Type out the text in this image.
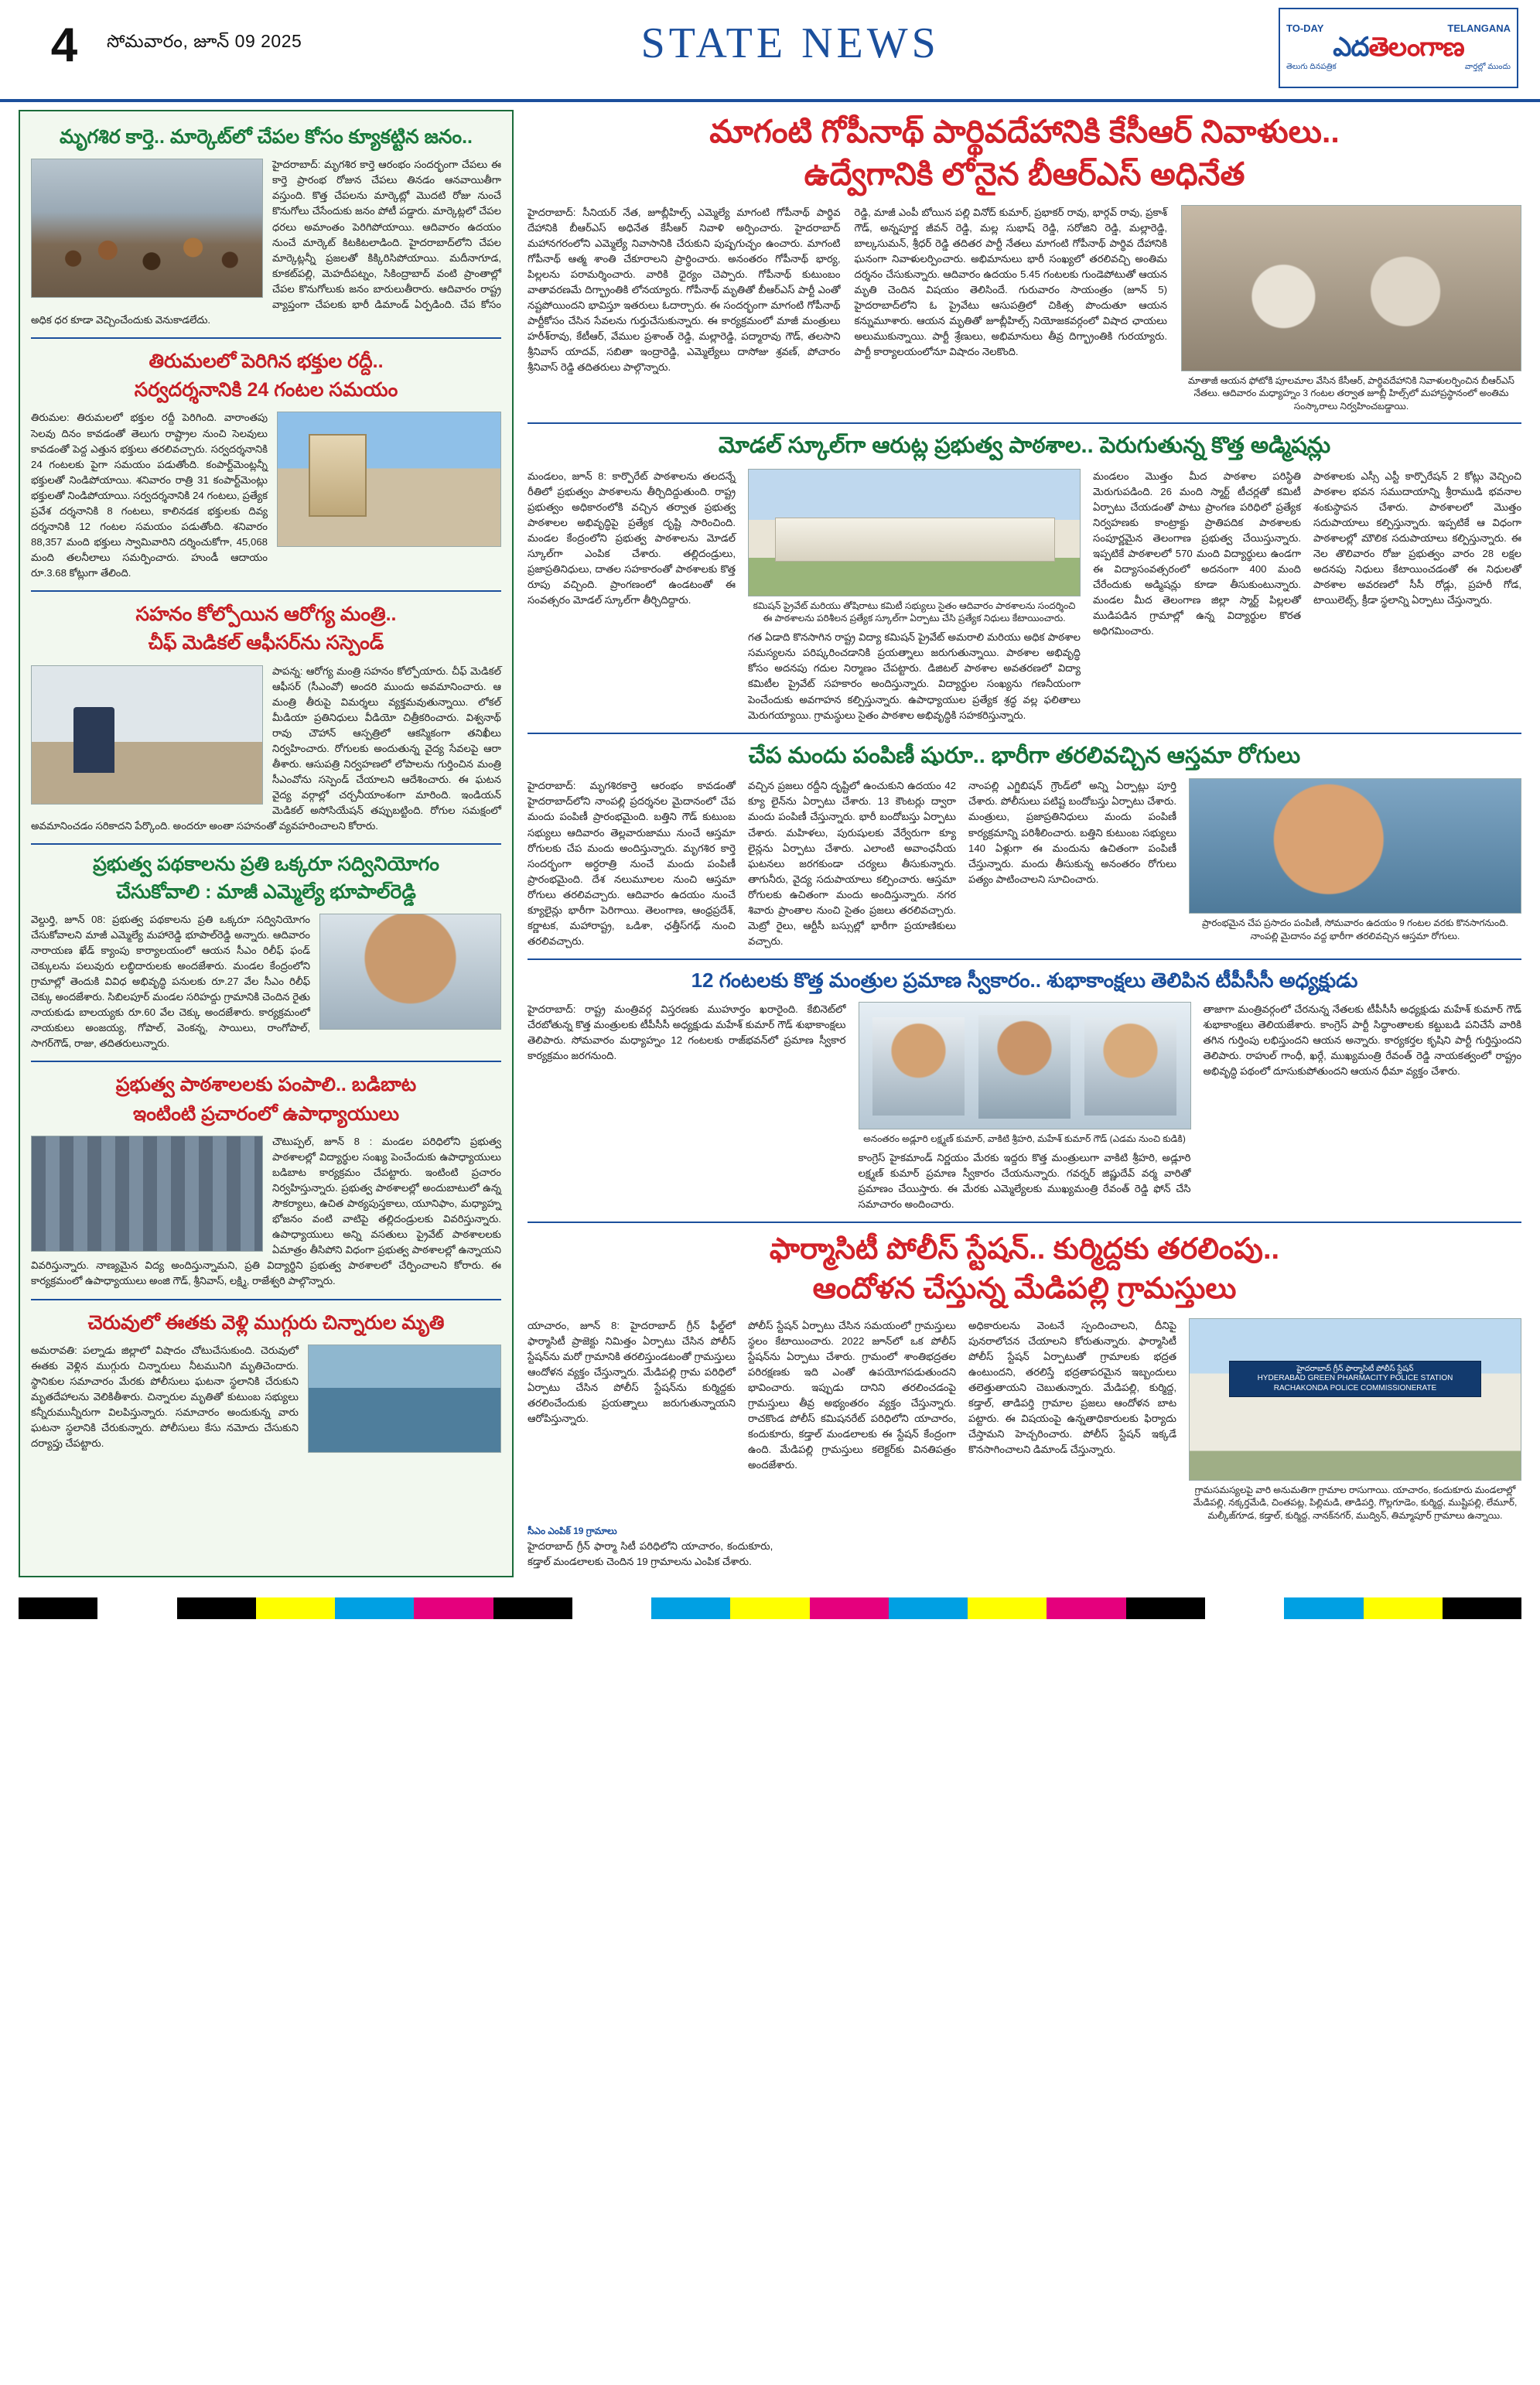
4	సోమవారం, జూన్ 09 2025	STATE NEWS	TO-DAY	TELANGANA
ఎదతెలంగాణ
తెలుగు దినపత్రిక	వార్తల్లో ముందు
మృగశిర కార్తె.. మార్కెట్‌లో చేపల కోసం క్యూకట్టిన జనం..
హైదరాబాద్: మృగశిర కార్తె ఆరంభం సందర్భంగా చేపలు ఈ కార్తె ప్రారంభ రోజున చేపలు తినడం ఆనవాయితీగా వస్తుంది. కొత్త చేపలను మార్కెట్లో మొదటి రోజు నుంచే కొనుగోలు చేసేందుకు జనం పోటీ పడ్డారు. మార్కెట్లలో చేపల ధరలు అమాంతం పెరిగిపోయాయి. ఆదివారం ఉదయం నుంచే మార్కెట్ కిటకిటలాడింది. హైదరాబాద్‌లోని చేపల మార్కెట్లన్నీ ప్రజలతో కిక్కిరిసిపోయాయి. మదీనాగూడ, కూకట్‌పల్లి, మెహదీపట్నం, సికింద్రాబాద్ వంటి ప్రాంతాల్లో చేపల కొనుగోలుకు జనం బారులుతీరారు. ఆదివారం రాష్ట్ర వ్యాప్తంగా చేపలకు భారీ డిమాండ్ ఏర్పడింది. చేప కోసం అధిక ధర కూడా వెచ్చించేందుకు వెనుకాడలేదు.
తిరుమలలో పెరిగిన భక్తుల రద్దీ..
సర్వదర్శనానికి 24 గంటల సమయం
తిరుమల: తిరుమలలో భక్తుల రద్దీ పెరిగింది. వారాంతపు సెలవు దినం కావడంతో తెలుగు రాష్ట్రాల నుంచి సెలవులు కావడంతో పెద్ద ఎత్తున భక్తులు తరలివచ్చారు. సర్వదర్శనానికి 24 గంటలకు పైగా సమయం పడుతోంది. కంపార్ట్‌మెంట్లన్నీ భక్తులతో నిండిపోయాయి. శనివారం రాత్రి 31 కంపార్ట్‌మెంట్లు భక్తులతో నిండిపోయాయి. సర్వదర్శనానికి 24 గంటలు, ప్రత్యేక ప్రవేశ దర్శనానికి 8 గంటలు, కాలినడక భక్తులకు దివ్య దర్శనానికి 12 గంటల సమయం పడుతోంది. శనివారం 88,357 మంది భక్తులు స్వామివారిని దర్శించుకోగా, 45,068 మంది తలనీలాలు సమర్పించారు. హుండీ ఆదాయం రూ.3.68 కోట్లుగా తేలింది.
సహనం కోల్పోయిన ఆరోగ్య మంత్రి..
చీఫ్ మెడికల్ ఆఫీసర్‌ను సస్పెండ్
పాపన్న: ఆరోగ్య మంత్రి సహనం కోల్పోయారు. చీఫ్ మెడికల్ ఆఫీసర్ (సీఎంవో) అందరి ముందు అవమానించారు. ఆ మంత్రి తీరుపై విమర్శలు వ్యక్తమవుతున్నాయి. లోకల్ మీడియా ప్రతినిధులు వీడియో చిత్రీకరించారు. విశ్వనాథ్ రావు చౌహాన్ ఆస్పత్రిలో ఆకస్మికంగా తనిఖీలు నిర్వహించారు. రోగులకు అందుతున్న వైద్య సేవలపై ఆరా తీశారు. ఆసుపత్రి నిర్వహణలో లోపాలను గుర్తించిన మంత్రి సీఎంవోను సస్పెండ్ చేయాలని ఆదేశించారు. ఈ ఘటన వైద్య వర్గాల్లో చర్చనీయాంశంగా మారింది. ఇండియన్ మెడికల్ అసోసియేషన్ తప్పుబట్టింది. రోగుల సమక్షంలో అవమానించడం సరికాదని పేర్కొంది. అందరూ అంతా సహనంతో వ్యవహరించాలని కోరారు.
ప్రభుత్వ పథకాలను ప్రతి ఒక్కరూ సద్వినియోగం
చేసుకోవాలి : మాజీ ఎమ్మెల్యే భూపాల్‌రెడ్డి
వెల్దుర్తి, జూన్ 08: ప్రభుత్వ పథకాలను ప్రతి ఒక్కరూ సద్వినియోగం చేసుకోవాలని మాజీ ఎమ్మెల్యే మహారెడ్డి భూపాల్‌రెడ్డి అన్నారు. ఆదివారం నారాయణ ఖేడ్ క్యాంపు కార్యాలయంలో ఆయన సీఎం రిలీఫ్ ఫండ్ చెక్కులను పలువురు లబ్ధిదారులకు అందజేశారు. మండల కేంద్రంలోని గ్రామాల్లో తెందుకి వివిధ అభివృద్ధి పనులకు రూ.27 వేల సీఎం రిలీఫ్ చెక్కు అందజేశారు. సిబిలపూర్ మండల సరిహద్దు గ్రామానికి చెందిన రైతు నాయకుడు బాలయ్యకు రూ.60 వేల చెక్కు అందజేశారు. కార్యక్రమంలో నాయకులు అంజయ్య, గోపాల్, వెంకన్న, సాయిలు, రాంగోపాల్, సాగర్‌గౌడ్, రాజు, తదితరులున్నారు.
ప్రభుత్వ పాఠశాలలకు పంపాలి.. బడిబాట
ఇంటింటి ప్రచారంలో ఉపాధ్యాయులు
చౌటుప్పల్, జూన్ 8 : మండల పరిధిలోని ప్రభుత్వ పాఠశాలల్లో విద్యార్థుల సంఖ్య పెంచేందుకు ఉపాధ్యాయులు బడిబాట కార్యక్రమం చేపట్టారు. ఇంటింటి ప్రచారం నిర్వహిస్తున్నారు. ప్రభుత్వ పాఠశాలల్లో అందుబాటులో ఉన్న సౌకర్యాలు, ఉచిత పాఠ్యపుస్తకాలు, యూనిఫాం, మధ్యాహ్న భోజనం వంటి వాటిపై తల్లిదండ్రులకు వివరిస్తున్నారు. ఉపాధ్యాయులు అన్ని వసతులు ప్రైవేట్ పాఠశాలలకు ఏమాత్రం తీసిపోని విధంగా ప్రభుత్వ పాఠశాలల్లో ఉన్నాయని వివరిస్తున్నారు. నాణ్యమైన విద్య అందిస్తున్నామని, ప్రతి విద్యార్థిని ప్రభుత్వ పాఠశాలలో చేర్పించాలని కోరారు. ఈ కార్యక్రమంలో ఉపాధ్యాయులు అంజి గౌడ్, శ్రీనివాస్, లక్ష్మి, రాజేశ్వరి పాల్గొన్నారు.
చెరువులో ఈతకు వెళ్లి ముగ్గురు చిన్నారుల మృతి
అమరావతి: పల్నాడు జిల్లాలో విషాదం చోటుచేసుకుంది. చెరువులో ఈతకు వెళ్లిన ముగ్గురు చిన్నారులు నీటమునిగి మృతిచెందారు. స్థానికుల సమాచారం మేరకు పోలీసులు ఘటనా స్థలానికి చేరుకుని మృతదేహాలను వెలికితీశారు. చిన్నారుల మృతితో కుటుంబ సభ్యులు కన్నీరుమున్నీరుగా విలపిస్తున్నారు. సమాచారం అందుకున్న వారు ఘటనా స్థలానికి చేరుకున్నారు. పోలీసులు కేసు నమోదు చేసుకుని దర్యాప్తు చేపట్టారు.
మాగంటి గోపీనాథ్ పార్థివదేహానికి కేసీఆర్ నివాళులు..
ఉద్వేగానికి లోనైన బీఆర్ఎస్ అధినేత
హైదరాబాద్: సీనియర్ నేత, జూబ్లీహిల్స్ ఎమ్మెల్యే మాగంటి గోపీనాథ్ పార్థివ దేహానికి బీఆర్ఎస్ అధినేత కేసీఆర్ నివాళి అర్పించారు. హైదరాబాద్ మహానగరంలోని ఎమ్మెల్యే నివాసానికి చేరుకుని పుష్పగుచ్ఛం ఉంచారు. మాగంటి గోపీనాథ్ ఆత్మ శాంతి చేకూరాలని ప్రార్థించారు. అనంతరం గోపీనాథ్ భార్య, పిల్లలను పరామర్శించారు. వారికి ధైర్యం చెప్పారు. గోపీనాథ్ కుటుంబం వాతావరణమే దిగ్భ్రాంతికి లోనయ్యారు. గోపీనాథ్ మృతితో బీఆర్ఎస్ పార్టీ ఎంతో నష్టపోయిందని భావిస్తూ ఇతరులు ఓదార్చారు. ఈ సందర్భంగా మాగంటి గోపీనాథ్ పార్టీకోసం చేసిన సేవలను గుర్తుచేసుకున్నారు. ఈ కార్యక్రమంలో మాజీ మంత్రులు హరీశ్‌రావు, కేటీఆర్, వేముల ప్రశాంత్ రెడ్డి, మల్లారెడ్డి, పద్మారావు గౌడ్, తలసాని శ్రీనివాస్ యాదవ్, సబితా ఇంద్రారెడ్డి, ఎమ్మెల్యేలు దాసోజు శ్రవణ్, పోచారం శ్రీనివాస్ రెడ్డి తదితరులు పాల్గొన్నారు.
రెడ్డి, మాజీ ఎంపీ బోయిన పల్లి వినోద్ కుమార్, ప్రభాకర్ రావు, భార్గవ్ రావు, ప్రకాశ్ గౌడ్, అన్నపూర్ణ జీవన్ రెడ్డి, మల్ల సుభాష్ రెడ్డి, సరోజిని రెడ్డి, మల్లారెడ్డి, బాల్కసుమన్, శ్రీధర్ రెడ్డి తదితర పార్టీ నేతలు మాగంటి గోపీనాథ్ పార్థివ దేహానికి ఘనంగా నివాళులర్పించారు. అభిమానులు భారీ సంఖ్యలో తరలివచ్చి అంతిమ దర్శనం చేసుకున్నారు. ఆదివారం ఉదయం 5.45 గంటలకు గుండెపోటుతో ఆయన మృతి చెందిన విషయం తెలిసిందే. గురువారం సాయంత్రం (జూన్ 5) హైదరాబాద్‌లోని ఓ ప్రైవేటు ఆసుపత్రిలో చికిత్స పొందుతూ ఆయన కన్నుమూశారు. ఆయన మృతితో జూబ్లీహిల్స్ నియోజకవర్గంలో విషాద ఛాయలు అలుముకున్నాయి. పార్టీ శ్రేణులు, అభిమానులు తీవ్ర దిగ్భ్రాంతికి గురయ్యారు. పార్టీ కార్యాలయంలోనూ విషాదం నెలకొంది.
మాతాజీ ఆయన ఫోటోకి పూలమాల వేసిన కేసీఆర్, పార్థివదేహానికి నివాళులర్పించిన బీఆర్ఎస్ నేతలు. ఆదివారం మధ్యాహ్నం 3 గంటల తర్వాత జూబ్లీ హిల్స్‌లో మహాప్రస్థానంలో అంతిమ సంస్కారాలు నిర్వహించబడ్డాయి.
మోడల్ స్కూల్‌గా ఆరుట్ల ప్రభుత్వ పాఠశాల.. పెరుగుతున్న కొత్త అడ్మిషన్లు
మండలం, జూన్ 8: కార్పొరేట్ పాఠశాలను తలదన్నే రీతిలో ప్రభుత్వం పాఠశాలను తీర్చిదిద్దుతుంది. రాష్ట్ర ప్రభుత్వం అధికారంలోకి వచ్చిన తర్వాత ప్రభుత్వ పాఠశాలల అభివృద్ధిపై ప్రత్యేక దృష్టి సారించింది. మండల కేంద్రంలోని ప్రభుత్వ పాఠశాలను మోడల్ స్కూల్‌గా ఎంపిక చేశారు. తల్లిదండ్రులు, ప్రజాప్రతినిధులు, దాతల సహకారంతో పాఠశాలకు కొత్త రూపు వచ్చింది. ప్రాంగణంలో ఉండటంతో ఈ సంవత్సరం మోడల్ స్కూల్‌గా తీర్చిదిద్దారు.	కమిషన్ ప్రైవేట్ మరియు తోషిరాటు కమిటీ సభ్యులు సైతం ఆదివారం పాఠశాలను సందర్శించి ఈ పాఠశాలను పరిశీలన ప్రత్యేక స్కూల్‌గా ఏర్పాటు చేసి ప్రత్యేక నిధులు కేటాయించారు.
గత ఏడాది కొనసాగిన రాష్ట్ర విద్యా కమిషన్ ప్రైవేట్ అమరాలి మరియు అధిక పాఠశాల సమస్యలను పరిష్కరించడానికి ప్రయత్నాలు జరుగుతున్నాయి. పాఠశాల అభివృద్ధి కోసం అదనపు గదుల నిర్మాణం చేపట్టారు. డిజిటల్ పాఠశాల అవతరణలో విద్యా కమిటీల ప్రైవేట్ సహకారం అందిస్తున్నారు. విద్యార్థుల సంఖ్యను గణనీయంగా పెంచేందుకు అవగాహన కల్పిస్తున్నారు. ఉపాధ్యాయుల ప్రత్యేక శ్రద్ధ వల్ల ఫలితాలు మెరుగయ్యాయి. గ్రామస్థులు సైతం పాఠశాల అభివృద్ధికి సహకరిస్తున్నారు.
మండలం మొత్తం మీద పాఠశాల పరిస్థితి మెరుగుపడింది. 26 మంది స్మార్ట్ టీచర్లతో కమిటీ ఏర్పాటు చేయడంతో పాటు ప్రాంగణ పరిధిలో ప్రత్యేక నిర్వహణకు కాంట్రాక్టు ప్రాతిపదిక పాఠశాలకు సంపూర్ణమైన తెలంగాణ ప్రభుత్వ చేయిస్తున్నారు. ఇప్పటికే పాఠశాలలో 570 మంది విద్యార్థులు ఉండగా ఈ విద్యాసంవత్సరంలో అదనంగా 400 మంది చేరేందుకు అడ్మిషన్లు కూడా తీసుకుంటున్నారు. మండల మీద తెలంగాణ జిల్లా స్మార్ట్ పిల్లలతో ముడిపడిన గ్రామాల్లో ఉన్న విద్యార్థుల కొరత అధిగమించారు.
పాఠశాలకు ఎస్సీ ఎస్టీ కార్పొరేషన్ 2 కోట్లు వెచ్చించి పాఠశాల భవన సముదాయాన్ని శ్రీరాముడి భవనాల శంకుస్థాపన చేశారు. పాఠశాలలో మొత్తం సదుపాయాలు కల్పిస్తున్నారు. ఇప్పటికే ఆ విధంగా పాఠశాలల్లో మౌలిక సదుపాయాలు కల్పిస్తున్నారు. ఈ నెల తొలివారం రోజు ప్రభుత్వం వారం 28 లక్షల అదనపు నిధులు కేటాయించడంతో ఈ నిధులతో పాఠశాల అవరణలో సీసీ రోడ్లు, ప్రహరీ గోడ, టాయిలెట్స్, క్రీడా స్థలాన్ని ఏర్పాటు చేస్తున్నారు.
చేప మందు పంపిణీ షురూ.. భారీగా తరలివచ్చిన ఆస్తమా రోగులు
హైదరాబాద్: మృగశిరకార్తె ఆరంభం కావడంతో హైదరాబాద్‌లోని నాంపల్లి ప్రదర్శనల మైదానంలో చేప మందు పంపిణీ ప్రారంభమైంది. బత్తిని గౌడ్ కుటుంబ సభ్యులు ఆదివారం తెల్లవారుజాము నుంచే ఆస్తమా రోగులకు చేప మందు అందిస్తున్నారు. మృగశిర కార్తె సందర్భంగా అర్ధరాత్రి నుంచే మందు పంపిణీ ప్రారంభమైంది. దేశ నలుమూలల నుంచి ఆస్తమా రోగులు తరలివచ్చారు. ఆదివారం ఉదయం నుంచే క్యూలైన్లు భారీగా పెరిగాయి. తెలంగాణ, ఆంధ్రప్రదేశ్, కర్ణాటక, మహారాష్ట్ర, ఒడిశా, ఛత్తీస్‌గఢ్ నుంచి తరలివచ్చారు.
వచ్చిన ప్రజలు రద్దీని దృష్టిలో ఉంచుకుని ఉదయం 42 క్యూ లైన్‌ను ఏర్పాటు చేశారు. 13 కౌంటర్లు ద్వారా మందు పంపిణీ చేస్తున్నారు. భారీ బందోబస్తు ఏర్పాటు చేశారు. మహిళలు, పురుషులకు వేర్వేరుగా క్యూ లైన్లను ఏర్పాటు చేశారు. ఎలాంటి అవాంఛనీయ ఘటనలు జరగకుండా చర్యలు తీసుకున్నారు. తాగునీరు, వైద్య సదుపాయాలు కల్పించారు. ఆస్తమా రోగులకు ఉచితంగా మందు అందిస్తున్నారు. నగర శివారు ప్రాంతాల నుంచి సైతం ప్రజలు తరలివచ్చారు. మెట్రో రైలు, ఆర్టీసీ బస్సుల్లో భారీగా ప్రయాణికులు వచ్చారు.
నాంపల్లి ఎగ్జిబిషన్ గ్రౌండ్‌లో అన్ని ఏర్పాట్లు పూర్తి చేశారు. పోలీసులు పటిష్ట బందోబస్తు ఏర్పాటు చేశారు. మంత్రులు, ప్రజాప్రతినిధులు మందు పంపిణీ కార్యక్రమాన్ని పరిశీలించారు. బత్తిని కుటుంబ సభ్యులు 140 ఏళ్లుగా ఈ మందును ఉచితంగా పంపిణీ చేస్తున్నారు. మందు తీసుకున్న అనంతరం రోగులు పత్యం పాటించాలని సూచించారు.
ప్రారంభమైన చేప ప్రసాదం పంపిణీ, సోమవారం ఉదయం 9 గంటల వరకు కొనసాగనుంది. నాంపల్లి మైదానం వద్ద భారీగా తరలివచ్చిన ఆస్తమా రోగులు.
12 గంటలకు కొత్త మంత్రుల ప్రమాణ స్వీకారం.. శుభాకాంక్షలు తెలిపిన టీపీసీసీ అధ్యక్షుడు
హైదరాబాద్: రాష్ట్ర మంత్రివర్గ విస్తరణకు ముహూర్తం ఖరారైంది. కేబినెట్‌లో చేరబోతున్న కొత్త మంత్రులకు టీపీసీసీ అధ్యక్షుడు మహేశ్ కుమార్ గౌడ్ శుభాకాంక్షలు తెలిపారు. సోమవారం మధ్యాహ్నం 12 గంటలకు రాజ్‌భవన్‌లో ప్రమాణ స్వీకార కార్యక్రమం జరగనుంది.
అనంతరం అడ్లూరి లక్ష్మణ్ కుమార్, వాకిటి శ్రీహరి, మహేశ్ కుమార్ గౌడ్ (ఎడమ నుంచి కుడికి)
కాంగ్రెస్ హైకమాండ్ నిర్ణయం మేరకు ఇద్దరు కొత్త మంత్రులుగా వాకిటి శ్రీహరి, అడ్లూరి లక్ష్మణ్ కుమార్ ప్రమాణ స్వీకారం చేయనున్నారు. గవర్నర్ జిష్ణుదేవ్ వర్మ వారితో ప్రమాణం చేయిస్తారు. ఈ మేరకు ఎమ్మెల్యేలకు ముఖ్యమంత్రి రేవంత్ రెడ్డి ఫోన్ చేసి సమాచారం అందించారు.
తాజాగా మంత్రివర్గంలో చేరనున్న నేతలకు టీపీసీసీ అధ్యక్షుడు మహేశ్ కుమార్ గౌడ్ శుభాకాంక్షలు తెలియజేశారు. కాంగ్రెస్ పార్టీ సిద్ధాంతాలకు కట్టుబడి పనిచేసే వారికి తగిన గుర్తింపు లభిస్తుందని ఆయన అన్నారు. కార్యకర్తల కృషిని పార్టీ గుర్తిస్తుందని తెలిపారు. రాహుల్ గాంధీ, ఖర్గే, ముఖ్యమంత్రి రేవంత్ రెడ్డి నాయకత్వంలో రాష్ట్రం అభివృద్ధి పథంలో దూసుకుపోతుందని ఆయన ధీమా వ్యక్తం చేశారు.
ఫార్మాసిటీ పోలీస్ స్టేషన్.. కుర్మిద్దకు తరలింపు..
ఆందోళన చేస్తున్న మేడిపల్లి గ్రామస్తులు
యాచారం, జూన్ 8: హైదరాబాద్ గ్రీన్ ఫీల్డ్‌లో ఫార్మాసిటీ ప్రాజెక్టు నిమిత్తం ఏర్పాటు చేసిన పోలీస్ స్టేషన్‌ను మరో గ్రామానికి తరలిస్తుండటంతో గ్రామస్తులు ఆందోళన వ్యక్తం చేస్తున్నారు. మేడిపల్లి గ్రామ పరిధిలో ఏర్పాటు చేసిన పోలీస్ స్టేషన్‌ను కుర్మిద్దకు తరలించేందుకు ప్రయత్నాలు జరుగుతున్నాయని ఆరోపిస్తున్నారు.
పోలీస్ స్టేషన్ ఏర్పాటు చేసిన సమయంలో గ్రామస్తులు స్థలం కేటాయించారు. 2022 జూన్‌లో ఒక పోలీస్ స్టేషన్‌ను ఏర్పాటు చేశారు. గ్రామంలో శాంతిభద్రతల పరిరక్షణకు ఇది ఎంతో ఉపయోగపడుతుందని భావించారు. ఇప్పుడు దానిని తరలించడంపై గ్రామస్తులు తీవ్ర అభ్యంతరం వ్యక్తం చేస్తున్నారు. రాచకొండ పోలీస్ కమిషనరేట్ పరిధిలోని యాచారం, కందుకూరు, కడ్తాల్ మండలాలకు ఈ స్టేషన్ కేంద్రంగా ఉంది. మేడిపల్లి గ్రామస్తులు కలెక్టర్‌కు వినతిపత్రం అందజేశారు.
అధికారులను వెంటనే స్పందించాలని, దీనిపై పునరాలోచన చేయాలని కోరుతున్నారు. ఫార్మాసిటీ పోలీస్ స్టేషన్ ఏర్పాటుతో గ్రామాలకు భద్రత ఉంటుందని, తరలిస్తే భద్రతాపరమైన ఇబ్బందులు తలెత్తుతాయని చెబుతున్నారు. మేడిపల్లి, కుర్మిద్ద, కడ్తాల్, తాడిపర్తి గ్రామాల ప్రజలు ఆందోళన బాట పట్టారు. ఈ విషయంపై ఉన్నతాధికారులకు ఫిర్యాదు చేస్తామని హెచ్చరించారు. పోలీస్ స్టేషన్ ఇక్కడే కొనసాగించాలని డిమాండ్ చేస్తున్నారు.
హైదరాబాద్ గ్రీన్ ఫార్మాసిటీ పోలీస్ స్టేషన్
HYDERABAD GREEN PHARMACITY POLICE STATION
RACHAKONDA POLICE COMMISSIONERATE
గ్రామసమస్యలపై వారి అనుమతిగా గ్రామాల రాసుగాయి. యాచారం, కందుకూరు మండలాల్లో మేడిపల్లి, నక్కర్తమేడి, చింతపట్ల, పిల్లిమడి, తాడిపర్తి, గొల్లగూడెం, కుర్మిద్ద, ముష్టిపల్లి, లేమూర్, మల్కీజ్‌గూడ, కడ్తాల్, కుర్మిద్ద, నానక్‌నగర్, ముద్విన్, తిమ్మాపూర్ గ్రామాలు ఉన్నాయి.
సీఎం ఎంపిక్ 19 గ్రామాలు
హైదరాబాద్ గ్రీన్ ఫార్మా సిటీ పరిధిలోని యాచారం, కందుకూరు, కడ్తాల్ మండలాలకు చెందిన 19 గ్రామాలను ఎంపిక చేశారు.
